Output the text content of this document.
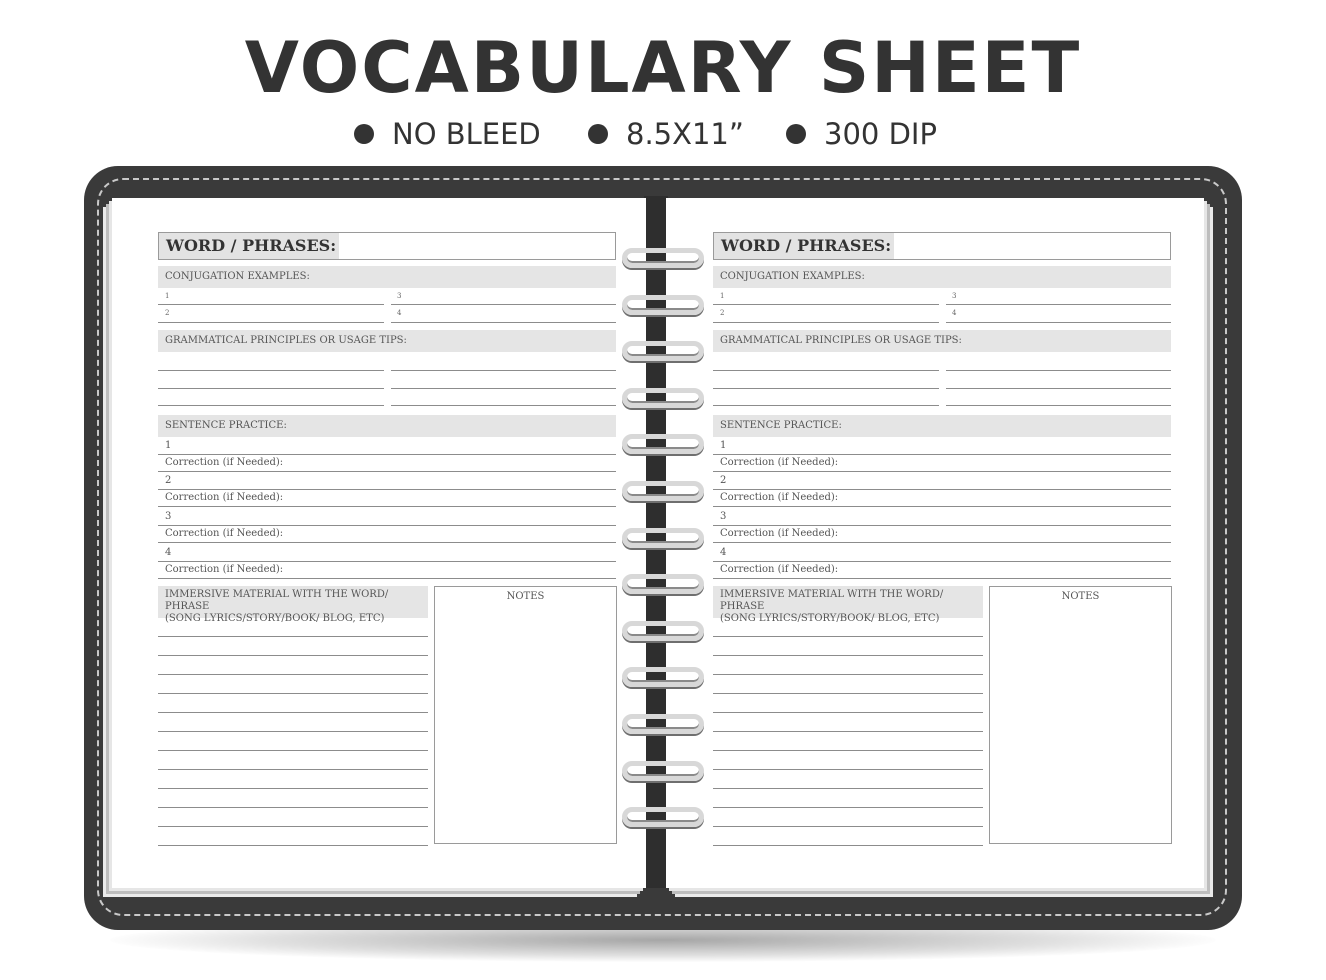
VOCABULARY SHEET
NO BLEED	8.5X11”	300 DIP
WORD / PHRASES:
CONJUGATION EXAMPLES:
1	3
2	4
GRAMMATICAL PRINCIPLES OR USAGE TIPS:
SENTENCE PRACTICE:
1
Correction (if Needed):
2
Correction (if Needed):
3
Correction (if Needed):
4
Correction (if Needed):
IMMERSIVE MATERIAL WITH THE WORD/ PHRASE
(SONG LYRICS/STORY/BOOK/ BLOG, ETC)
NOTES
WORD / PHRASES:
CONJUGATION EXAMPLES:
1	3
2	4
GRAMMATICAL PRINCIPLES OR USAGE TIPS:
SENTENCE PRACTICE:
1
Correction (if Needed):
2
Correction (if Needed):
3
Correction (if Needed):
4
Correction (if Needed):
IMMERSIVE MATERIAL WITH THE WORD/ PHRASE
(SONG LYRICS/STORY/BOOK/ BLOG, ETC)
NOTES
